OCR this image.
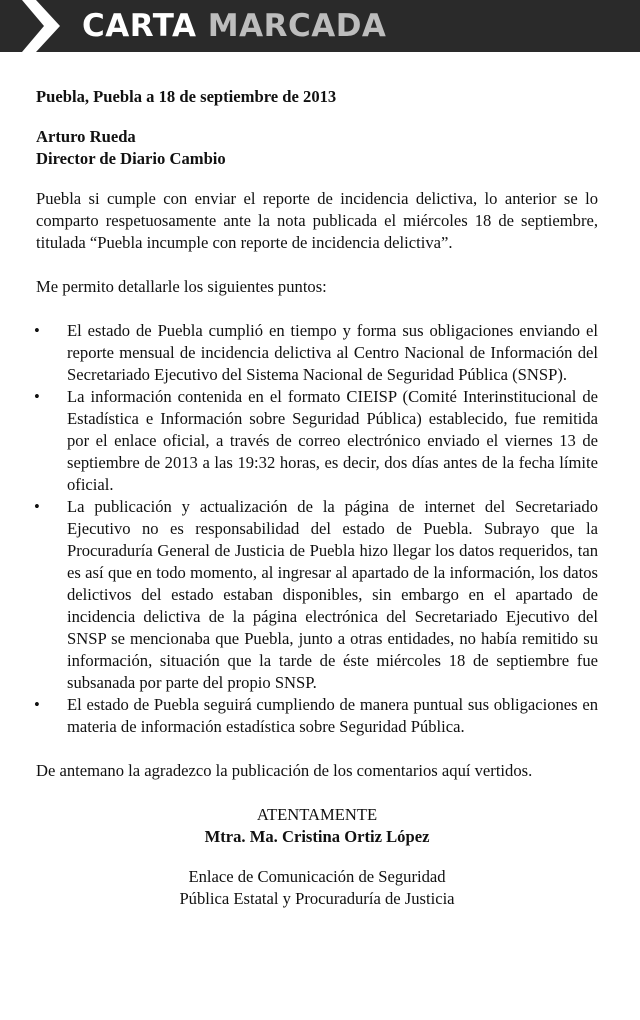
CARTA MARCADA
Puebla, Puebla a 18 de septiembre de 2013
Arturo Rueda
Director de Diario Cambio

Puebla si cumple con enviar el reporte de incidencia delictiva, lo anterior se lo comparto respetuosamente ante la nota publicada el miércoles 18 de septiembre, titulada “Puebla incumple con reporte de incidencia delictiva”.

Me permito detallarle los siguientes puntos:

• El estado de Puebla cumplió en tiempo y forma sus obligaciones enviando el reporte mensual de incidencia delictiva al Centro Nacional de Información del Secretariado Ejecutivo del Sistema Nacional de Seguridad Pública (SNSP).
• La información contenida en el formato CIEISP (Comité Interinstitucional de Estadística e Información sobre Seguridad Pública) establecido, fue remitida por el enlace oficial, a través de correo electrónico enviado el viernes 13 de septiembre de 2013 a las 19:32 horas, es decir, dos días antes de la fecha límite oficial.
• La publicación y actualización de la página de internet del Secretariado Ejecutivo no es responsabilidad del estado de Puebla. Subrayo que la Procuraduría General de Justicia de Puebla hizo llegar los datos requeridos, tan es así que en todo momento, al ingresar al apartado de la información, los datos delictivos del estado estaban disponibles, sin embargo en el apartado de incidencia delictiva de la página electrónica del Secretariado Ejecutivo del SNSP se mencionaba que Puebla, junto a otras entidades, no había remitido su información, situación que la tarde de éste miércoles 18 de septiembre fue subsanada por parte del propio SNSP.
• El estado de Puebla seguirá cumpliendo de manera puntual sus obligaciones en materia de información estadística sobre Seguridad Pública.

De antemano la agradezco la publicación de los comentarios aquí vertidos.

ATENTAMENTE
Mtra. Ma. Cristina Ortiz López
Enlace de Comunicación de Seguridad
Pública Estatal y Procuraduría de Justicia
